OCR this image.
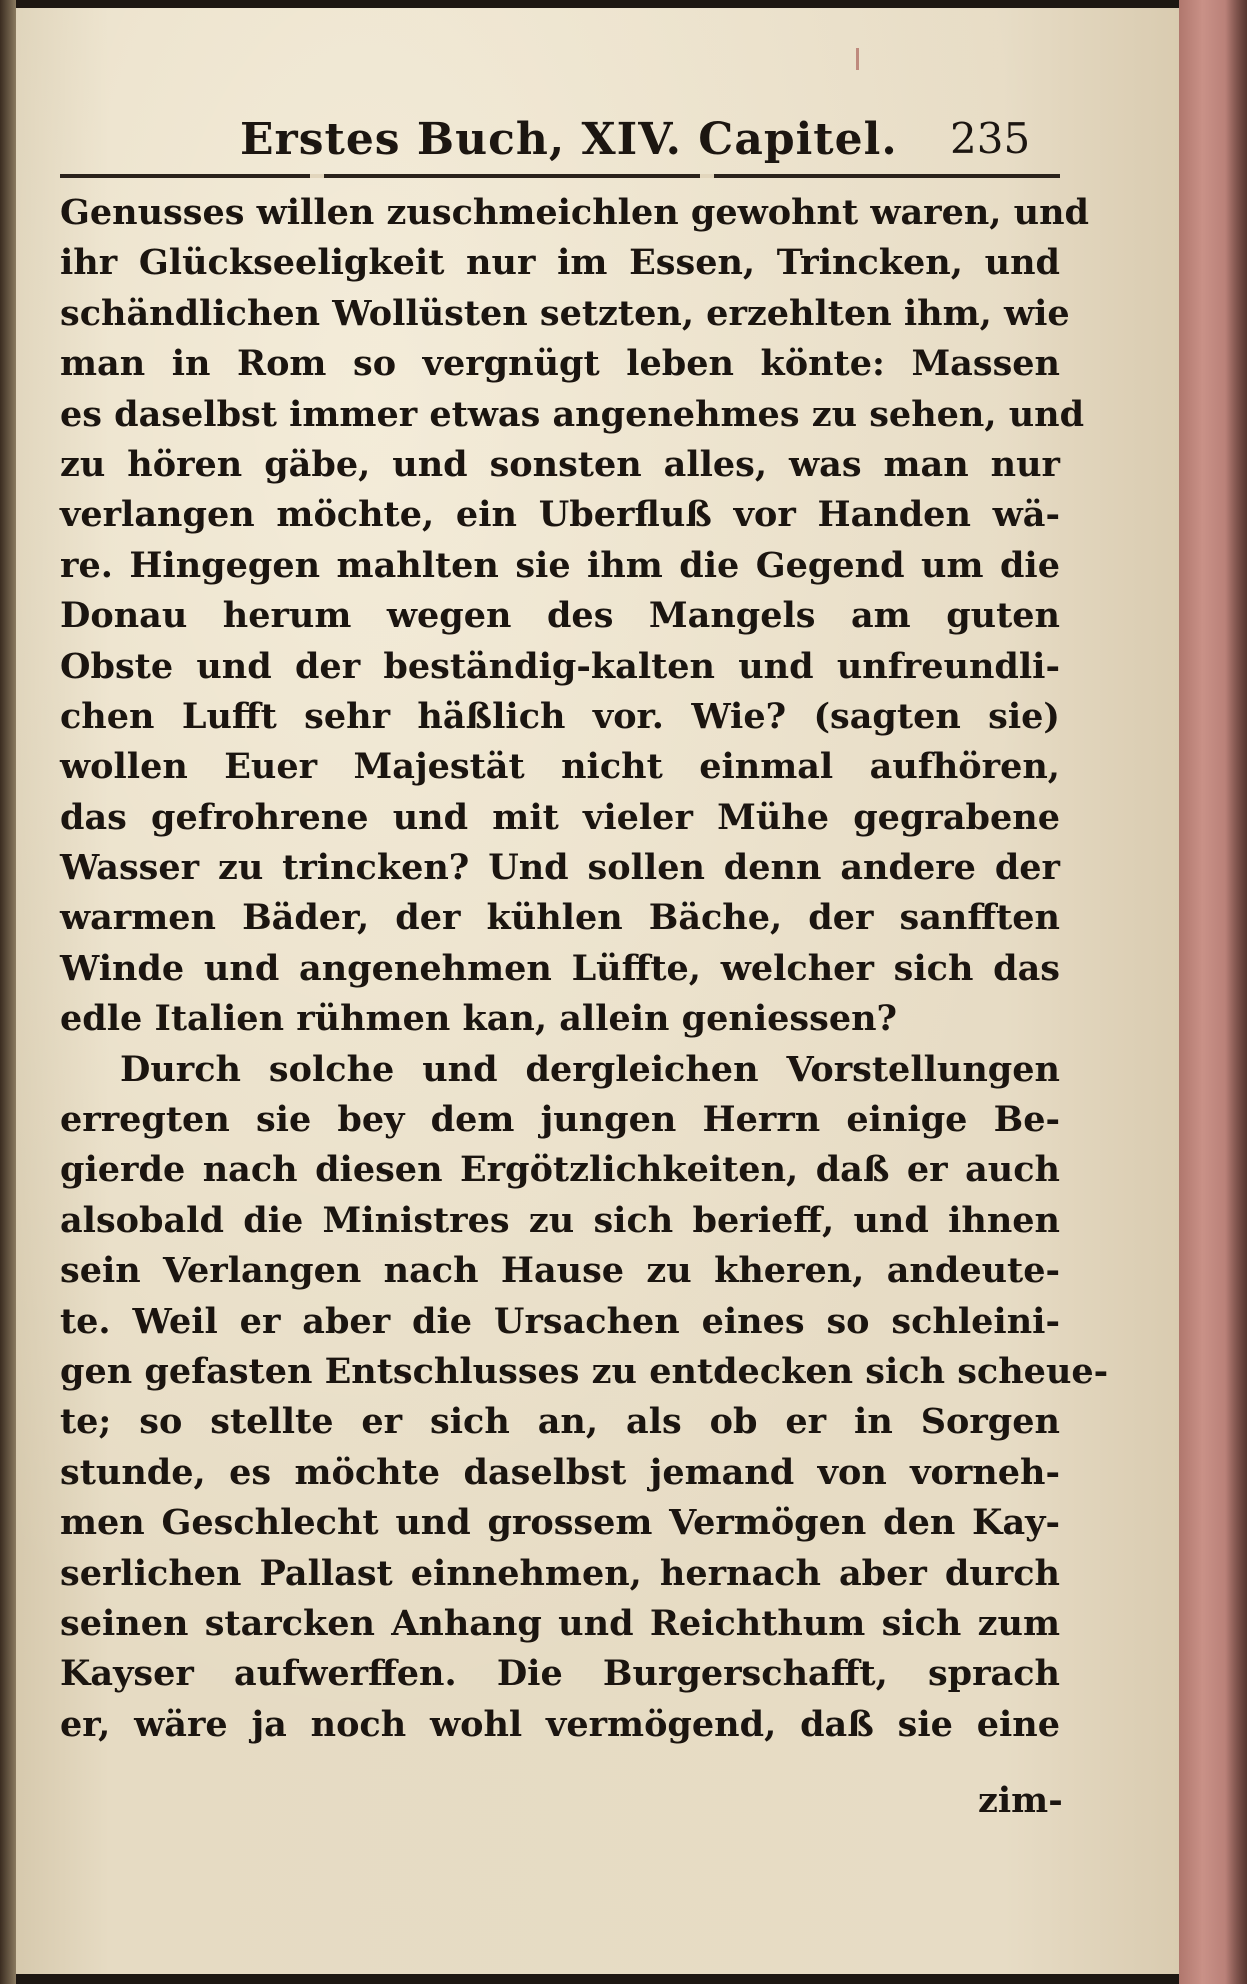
Erstes Buch, XIV. Capitel. 235
Genusses willen zuschmeichlen gewohnt waren, und
ihr Glückseeligkeit nur im Essen, Trincken, und
schändlichen Wollüsten setzten, erzehlten ihm, wie
man in Rom so vergnügt leben könte: Massen
es daselbst immer etwas angenehmes zu sehen, und
zu hören gäbe, und sonsten alles, was man nur
verlangen möchte, ein Uberfluß vor Handen wä-
re. Hingegen mahlten sie ihm die Gegend um die
Donau herum wegen des Mangels am guten
Obste und der beständig-kalten und unfreundli-
chen Lufft sehr häßlich vor. Wie? (sagten sie)
wollen Euer Majestät nicht einmal aufhören,
das gefrohrene und mit vieler Mühe gegrabene
Wasser zu trincken? Und sollen denn andere der
warmen Bäder, der kühlen Bäche, der sanfften
Winde und angenehmen Lüffte, welcher sich das
edle Italien rühmen kan, allein geniessen?
Durch solche und dergleichen Vorstellungen
erregten sie bey dem jungen Herrn einige Be-
gierde nach diesen Ergötzlichkeiten, daß er auch
alsobald die Ministres zu sich berieff, und ihnen
sein Verlangen nach Hause zu kheren, andeute-
te. Weil er aber die Ursachen eines so schleini-
gen gefasten Entschlusses zu entdecken sich scheue-
te; so stellte er sich an, als ob er in Sorgen
stunde, es möchte daselbst jemand von vorneh-
men Geschlecht und grossem Vermögen den Kay-
serlichen Pallast einnehmen, hernach aber durch
seinen starcken Anhang und Reichthum sich zum
Kayser aufwerffen. Die Burgerschafft, sprach
er, wäre ja noch wohl vermögend, daß sie eine
zim-
